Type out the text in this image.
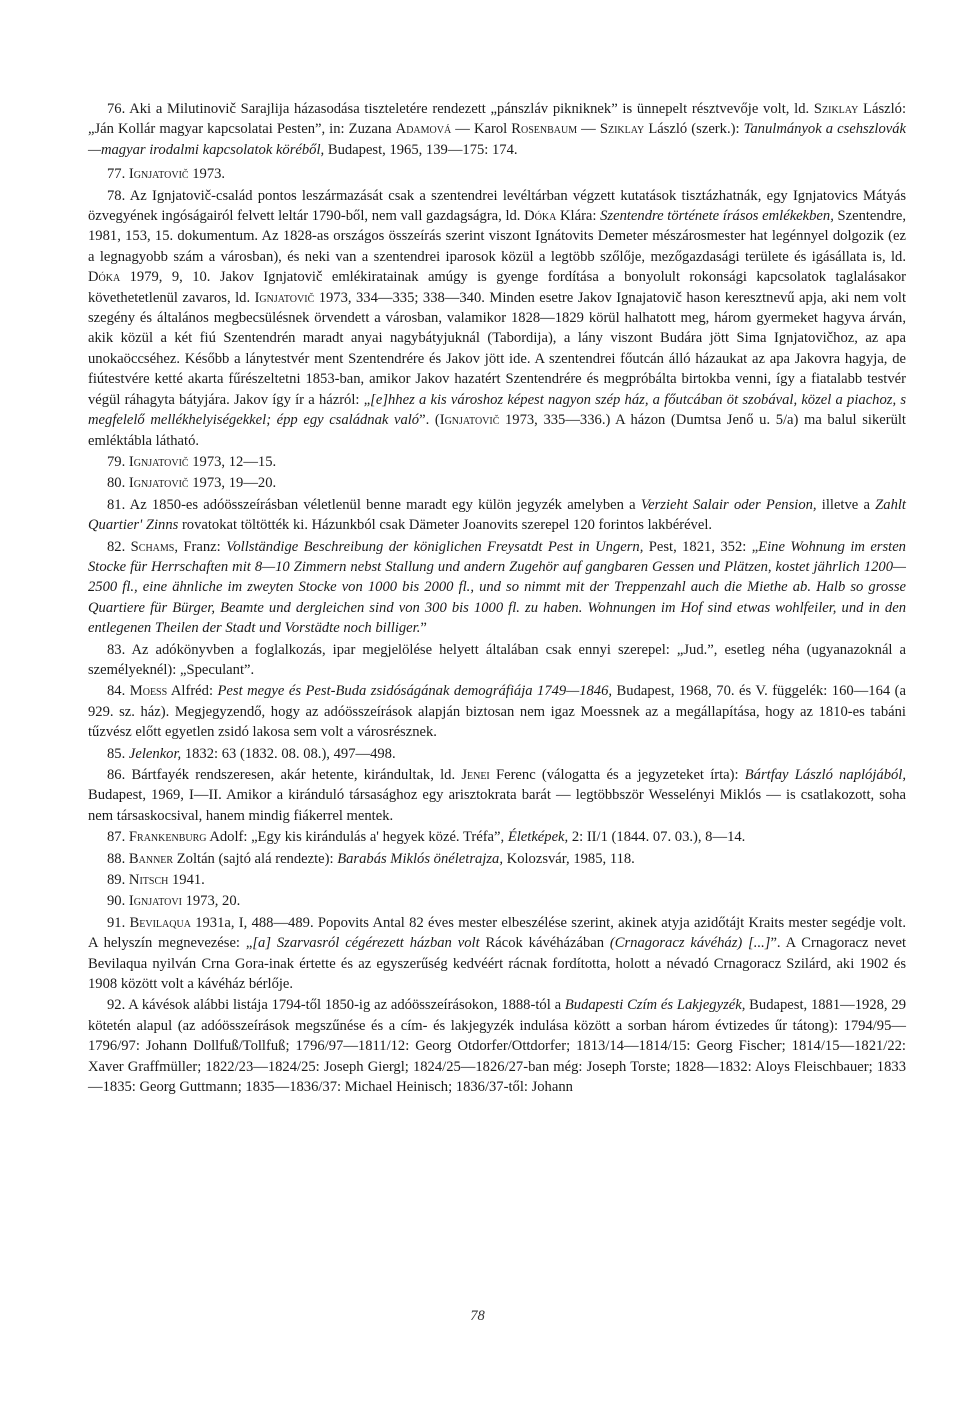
76. Aki a Milutinovič Sarajlija házasodása tiszteletére rendezett „pánszláv pikniknek” is ünnepelt résztvevője volt, ld. Sziklay László: „Ján Kollár magyar kapcsolatai Pesten”, in: Zuzana Adamová — Karol Rosenbaum — Sziklay László (szerk.): Tanulmányok a csehszlovák—magyar irodalmi kapcsolatok köréből, Budapest, 1965, 139—175: 174.

77. Ignjatovič 1973.

78. Az Ignjatovič-család pontos leszármazását csak a szentendrei levéltárban végzett kutatások tisztázhatnák, egy Ignjatovics Mátyás özvegyének ingóságairól felvett leltár 1790-ből, nem vall gazdagságra, ld. Dóka Klára: Szentendre története írásos emlékekben, Szentendre, 1981, 153, 15. dokumentum. Az 1828-as országos összeírás szerint viszont Ignátovits Demeter mészárosmester hat legénnyel dolgozik (ez a legnagyobb szám a városban), és neki van a szentendrei iparosok közül a legtöbb szőlője, mezőgazdasági területe és igásállata is, ld. Dóka 1979, 9, 10. Jakov Ignjatovič emlékiratainak amúgy is gyenge fordítása a bonyolult rokonsági kapcsolatok taglalásakor követhetetlenül zavaros, ld. Ignjatovič 1973, 334—335; 338—340. Minden esetre Jakov Ignajatovič hason keresztnevű apja, aki nem volt szegény és általános megbecsülésnek örvendett a városban, valamikor 1828—1829 körül halhatott meg, három gyermeket hagyva árván, akik közül a két fiú Szentendrén maradt anyai nagybátyjuknál (Tabordija), a lány viszont Budára jött Sima Ignjatovičhoz, az apa unokaöccséhez. Később a lánytestvér ment Szentendrére és Jakov jött ide. A szentendrei főutcán álló házaukat az apa Jakovra hagyja, de fiútestvére ketté akarta fűrészeltetni 1853-ban, amikor Jakov hazatért Szentendrére és megpróbálta birtokba venni, így a fiatalabb testvér végül ráhagyta bátyjára. Jakov így ír a házról: „[e]hhez a kis városhoz képest nagyon szép ház, a főutcában öt szobával, közel a piachoz, s megfelelő mellékhelyiségekkel; épp egy családnak való”. (Ignjatovič 1973, 335—336.) A házon (Dumtsa Jenő u. 5/a) ma balul sikerült emléktábla látható.

79. Ignjatovič 1973, 12—15.

80. Ignjatovič 1973, 19—20.

81. Az 1850-es adóösszeírásban véletlenül benne maradt egy külön jegyzék amelyben a Verzieht Salair oder Pension, illetve a Zahlt Quartier' Zinns rovatokat töltötték ki. Házunkból csak Dämeter Joanovits szerepel 120 forintos lakbérével.

82. Schams, Franz: Vollständige Beschreibung der königlichen Freysatdt Pest in Ungern, Pest, 1821, 352: „Eine Wohnung im ersten Stocke für Herrschaften mit 8—10 Zimmern nebst Stallung und andern Zugehör auf gangbaren Gessen und Plätzen, kostet jährlich 1200—2500 fl., eine ähnliche im zweyten Stocke von 1000 bis 2000 fl., und so nimmt mit der Treppenzahl auch die Miethe ab. Halb so grosse Quartiere für Bürger, Beamte und dergleichen sind von 300 bis 1000 fl. zu haben. Wohnungen im Hof sind etwas wohlfeiler, und in den entlegenen Theilen der Stadt und Vorstädte noch billiger.”

83. Az adókönyvben a foglalkozás, ipar megjelölése helyett általában csak ennyi szerepel: „Jud.”, esetleg néha (ugyanazoknál a személyeknél): „Speculant”.

84. Moess Alfréd: Pest megye és Pest-Buda zsidóságának demográfiája 1749—1846, Budapest, 1968, 70. és V. függelék: 160—164 (a 929. sz. ház). Megjegyzendő, hogy az adóösszeírások alapján biztosan nem igaz Moessnek az a megállapítása, hogy az 1810-es tabáni tűzvész előtt egyetlen zsidó lakosa sem volt a városrésznek.

85. Jelenkor, 1832: 63 (1832. 08. 08.), 497—498.

86. Bártfayék rendszeresen, akár hetente, kirándultak, ld. Jenei Ferenc (válogatta és a jegyzeteket írta): Bártfay László naplójából, Budapest, 1969, I—II. Amikor a kiránduló társasághoz egy arisztokrata barát — legtöbbször Wesselényi Miklós — is csatlakozott, soha nem társaskocsival, hanem mindig fiákerrel mentek.

87. Frankenburg Adolf: „Egy kis kirándulás a' hegyek közé. Tréfa”, Életképek, 2: II/1 (1844. 07. 03.), 8—14.

88. Banner Zoltán (sajtó alá rendezte): Barabás Miklós önéletrajza, Kolozsvár, 1985, 118.

89. Nitsch 1941.

90. Ignjatovi 1973, 20.

91. Bevilaqua 1931a, I, 488—489. Popovits Antal 82 éves mester elbeszélése szerint, akinek atyja azidőtájt Kraits mester segédje volt. A helyszín megnevezése: „[a] Szarvasról cégérezett házban volt Rácok kávéházában (Crnagoracz kávéház) [...]”. A Crnagoracz nevet Bevilaqua nyilván Crna Gora-inak értette és az egyszerűség kedvéért rácnak fordította, holott a névadó Crnagoracz Szilárd, aki 1902 és 1908 között volt a kávéház bérlője.

92. A kávésok alábbi listája 1794-től 1850-ig az adóösszeírásokon, 1888-tól a Budapesti Czím és Lakjegyzék, Budapest, 1881—1928, 29 kötetén alapul (az adóösszeírások megszűnése és a cím- és lakjegyzék indulása között a sorban három évtizedes űr tátong): 1794/95—1796/97: Johann Dollfuß/Tollfuß; 1796/97—1811/12: Georg Otdorfer/Ottdorfer; 1813/14—1814/15: Georg Fischer; 1814/15—1821/22: Xaver Graffmüller; 1822/23—1824/25: Joseph Giergl; 1824/25—1826/27-ban még: Joseph Torste; 1828—1832: Aloys Fleischbauer; 1833—1835: Georg Guttmann; 1835—1836/37: Michael Heinisch; 1836/37-től: Johann

78
